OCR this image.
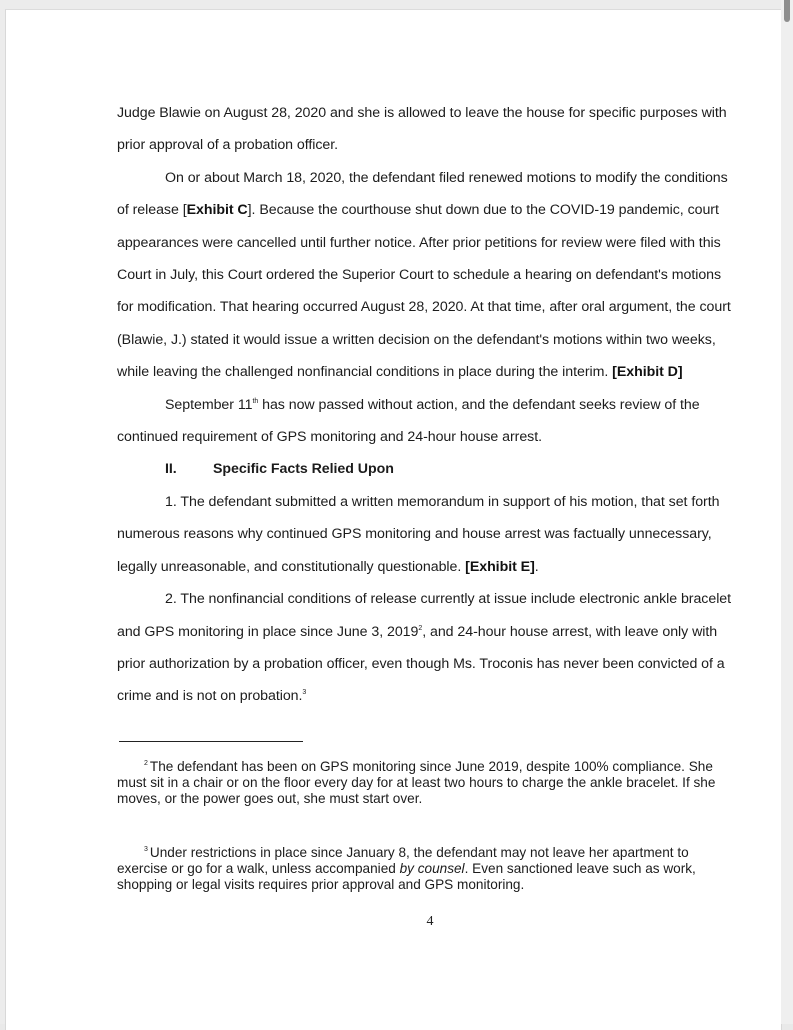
Judge Blawie on August 28, 2020 and she is allowed to leave the house for specific purposes with prior approval of a probation officer.

On or about March 18, 2020, the defendant filed renewed motions to modify the conditions of release [Exhibit C]. Because the courthouse shut down due to the COVID-19 pandemic, court appearances were cancelled until further notice. After prior petitions for review were filed with this Court in July, this Court ordered the Superior Court to schedule a hearing on defendant's motions for modification. That hearing occurred August 28, 2020. At that time, after oral argument, the court (Blawie, J.) stated it would issue a written decision on the defendant's motions within two weeks, while leaving the challenged nonfinancial conditions in place during the interim. [Exhibit D]

September 11th has now passed without action, and the defendant seeks review of the continued requirement of GPS monitoring and 24-hour house arrest.

II.	Specific Facts Relied Upon

1. The defendant submitted a written memorandum in support of his motion, that set forth numerous reasons why continued GPS monitoring and house arrest was factually unnecessary, legally unreasonable, and constitutionally questionable. [Exhibit E].

2. The nonfinancial conditions of release currently at issue include electronic ankle bracelet and GPS monitoring in place since June 3, 2019$^2$, and 24-hour house arrest, with leave only with prior authorization by a probation officer, even though Ms. Troconis has never been convicted of a crime and is not on probation.$^3$

$^2$ The defendant has been on GPS monitoring since June 2019, despite 100% compliance. She must sit in a chair or on the floor every day for at least two hours to charge the ankle bracelet. If she moves, or the power goes out, she must start over.

$^3$ Under restrictions in place since January 8, the defendant may not leave her apartment to exercise or go for a walk, unless accompanied by counsel. Even sanctioned leave such as work, shopping or legal visits requires prior approval and GPS monitoring.

4
